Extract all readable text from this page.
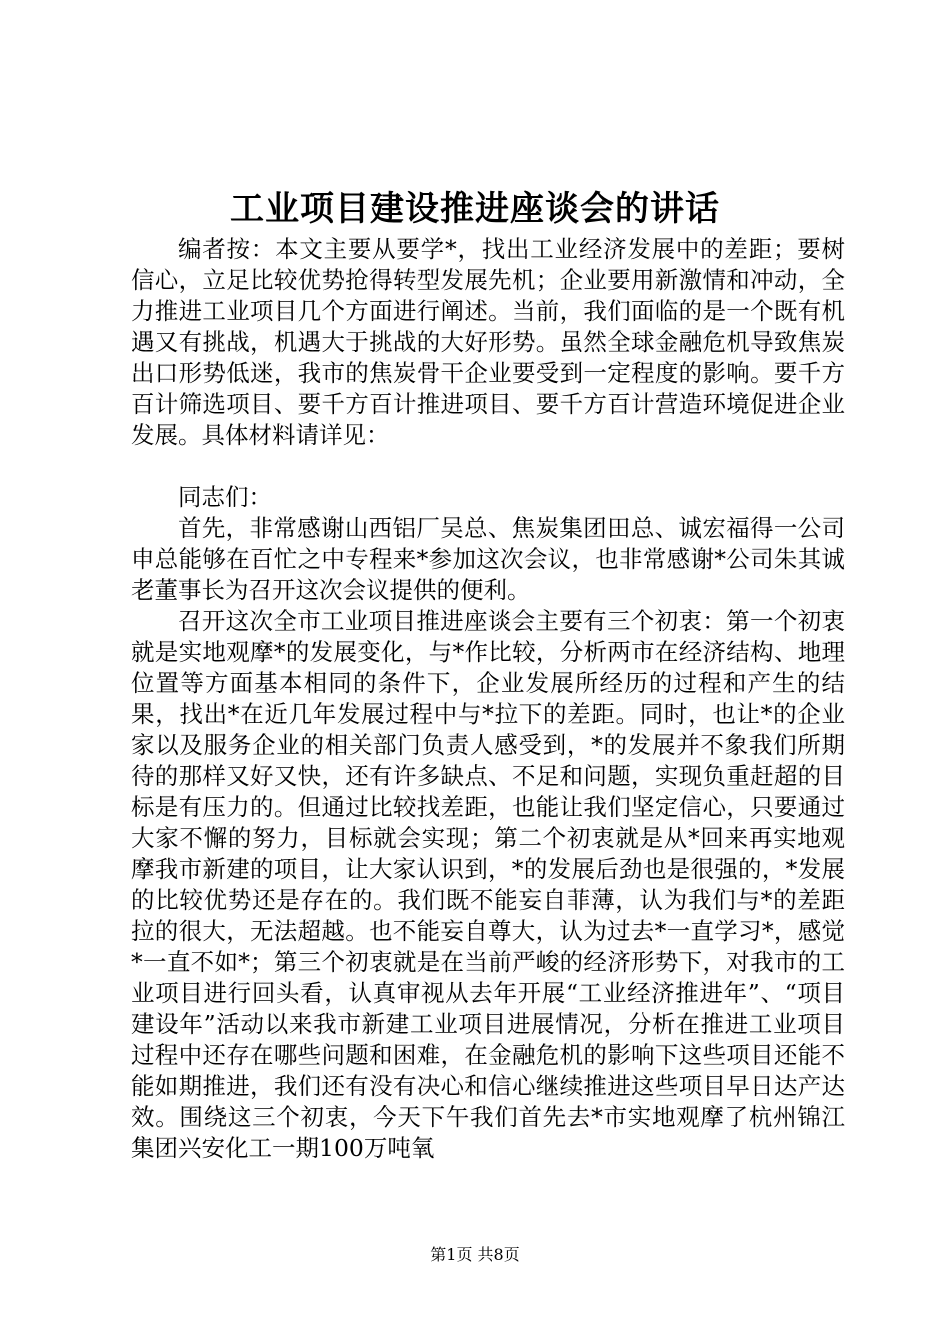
工业项目建设推进座谈会的讲话

编者按：本文主要从要学*，找出工业经济发展中的差距；要树信心，立足比较优势抢得转型发展先机；企业要用新激情和冲动，全力推进工业项目几个方面进行阐述。当前，我们面临的是一个既有机遇又有挑战，机遇大于挑战的大好形势。虽然全球金融危机导致焦炭出口形势低迷，我市的焦炭骨干企业要受到一定程度的影响。要千方百计筛选项目、要千方百计推进项目、要千方百计营造环境促进企业发展。具体材料请详见：

同志们：

首先，非常感谢山西铝厂吴总、焦炭集团田总、诚宏福得一公司申总能够在百忙之中专程来*参加这次会议，也非常感谢*公司朱其诚老董事长为召开这次会议提供的便利。

召开这次全市工业项目推进座谈会主要有三个初衷：第一个初衷就是实地观摩*的发展变化，与*作比较，分析两市在经济结构、地理位置等方面基本相同的条件下，企业发展所经历的过程和产生的结果，找出*在近几年发展过程中与*拉下的差距。同时，也让*的企业家以及服务企业的相关部门负责人感受到，*的发展并不象我们所期待的那样又好又快，还有许多缺点、不足和问题，实现负重赶超的目标是有压力的。但通过比较找差距，也能让我们坚定信心，只要通过大家不懈的努力，目标就会实现；第二个初衷就是从*回来再实地观摩我市新建的项目，让大家认识到，*的发展后劲也是很强的，*发展的比较优势还是存在的。我们既不能妄自菲薄，认为我们与*的差距拉的很大，无法超越。也不能妄自尊大，认为过去*一直学习*，感觉*一直不如*；第三个初衷就是在当前严峻的经济形势下，对我市的工业项目进行回头看，认真审视从去年开展“工业经济推进年”、“项目建设年”活动以来我市新建工业项目进展情况，分析在推进工业项目过程中还存在哪些问题和困难，在金融危机的影响下这些项目还能不能如期推进，我们还有没有决心和信心继续推进这些项目早日达产达效。围绕这三个初衷，今天下午我们首先去*市实地观摩了杭州锦江集团兴安化工一期100万吨氧

第1页 共8页
